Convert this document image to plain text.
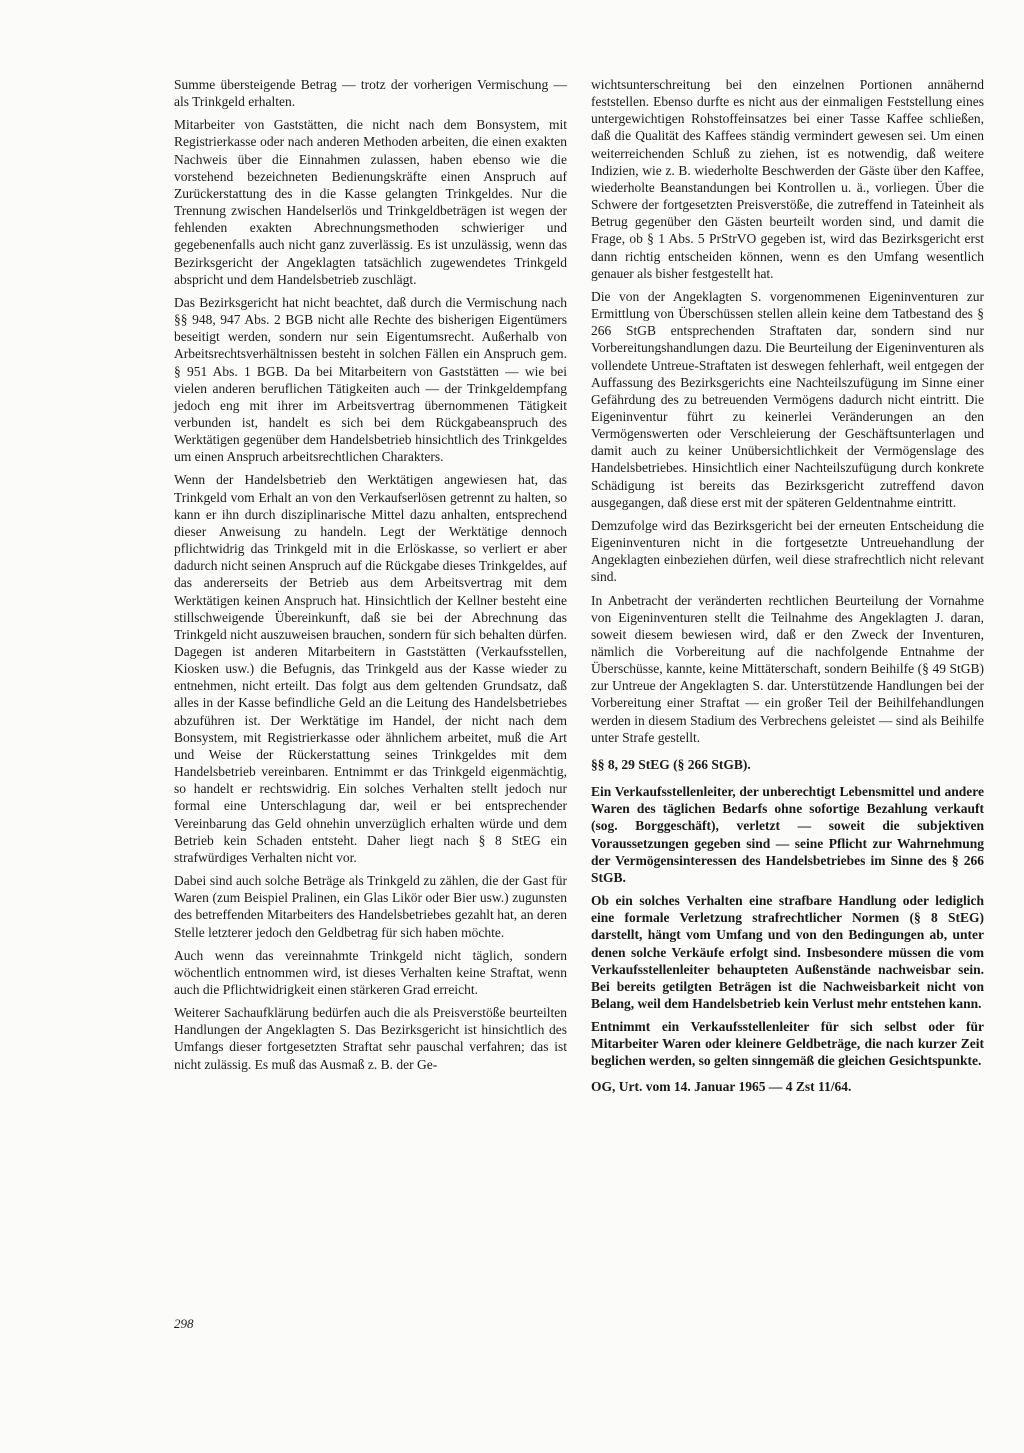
Summe übersteigende Betrag — trotz der vorherigen Vermischung — als Trinkgeld erhalten.

Mitarbeiter von Gaststätten, die nicht nach dem Bonsystem, mit Registrierkasse oder nach anderen Methoden arbeiten, die einen exakten Nachweis über die Einnahmen zulassen, haben ebenso wie die vorstehend bezeichneten Bedienungskräfte einen Anspruch auf Zurückerstattung des in die Kasse gelangten Trinkgeldes. Nur die Trennung zwischen Handelserlös und Trinkgeldbeträgen ist wegen der fehlenden exakten Abrechnungsmethoden schwieriger und gegebenenfalls auch nicht ganz zuverlässig. Es ist unzulässig, wenn das Bezirksgericht der Angeklagten tatsächlich zugewendetes Trinkgeld abspricht und dem Handelsbetrieb zuschlägt.

Das Bezirksgericht hat nicht beachtet, daß durch die Vermischung nach §§ 948, 947 Abs. 2 BGB nicht alle Rechte des bisherigen Eigentümers beseitigt werden, sondern nur sein Eigentumsrecht. Außerhalb von Arbeitsrechtsverhältnissen besteht in solchen Fällen ein Anspruch gem. § 951 Abs. 1 BGB. Da bei Mitarbeitern von Gaststätten — wie bei vielen anderen beruflichen Tätigkeiten auch — der Trinkgeldempfang jedoch eng mit ihrer im Arbeitsvertrag übernommenen Tätigkeit verbunden ist, handelt es sich bei dem Rückgabeanspruch des Werktätigen gegenüber dem Handelsbetrieb hinsichtlich des Trinkgeldes um einen Anspruch arbeitsrechtlichen Charakters.

Wenn der Handelsbetrieb den Werktätigen angewiesen hat, das Trinkgeld vom Erhalt an von den Verkaufserlösen getrennt zu halten, so kann er ihn durch disziplinarische Mittel dazu anhalten, entsprechend dieser Anweisung zu handeln. Legt der Werktätige dennoch pflichtwidrig das Trinkgeld mit in die Erlöskasse, so verliert er aber dadurch nicht seinen Anspruch auf die Rückgabe dieses Trinkgeldes, auf das andererseits der Betrieb aus dem Arbeitsvertrag mit dem Werktätigen keinen Anspruch hat. Hinsichtlich der Kellner besteht eine stillschweigende Übereinkunft, daß sie bei der Abrechnung das Trinkgeld nicht auszuweisen brauchen, sondern für sich behalten dürfen. Dagegen ist anderen Mitarbeitern in Gaststätten (Verkaufsstellen, Kiosken usw.) die Befugnis, das Trinkgeld aus der Kasse wieder zu entnehmen, nicht erteilt. Das folgt aus dem geltenden Grundsatz, daß alles in der Kasse befindliche Geld an die Leitung des Handelsbetriebes abzuführen ist. Der Werktätige im Handel, der nicht nach dem Bonsystem, mit Registrierkasse oder ähnlichem arbeitet, muß die Art und Weise der Rückerstattung seines Trinkgeldes mit dem Handelsbetrieb vereinbaren. Entnimmt er das Trinkgeld eigenmächtig, so handelt er rechtswidrig. Ein solches Verhalten stellt jedoch nur formal eine Unterschlagung dar, weil er bei entsprechender Vereinbarung das Geld ohnehin unverzüglich erhalten würde und dem Betrieb kein Schaden entsteht. Daher liegt nach § 8 StEG ein strafwürdiges Verhalten nicht vor.

Dabei sind auch solche Beträge als Trinkgeld zu zählen, die der Gast für Waren (zum Beispiel Pralinen, ein Glas Likör oder Bier usw.) zugunsten des betreffenden Mitarbeiters des Handelsbetriebes gezahlt hat, an deren Stelle letzterer jedoch den Geldbetrag für sich haben möchte.

Auch wenn das vereinnahmte Trinkgeld nicht täglich, sondern wöchentlich entnommen wird, ist dieses Verhalten keine Straftat, wenn auch die Pflichtwidrigkeit einen stärkeren Grad erreicht.

Weiterer Sachaufklärung bedürfen auch die als Preisverstöße beurteilten Handlungen der Angeklagten S. Das Bezirksgericht ist hinsichtlich des Umfangs dieser fortgesetzten Straftat sehr pauschal verfahren; das ist nicht zulässig. Es muß das Ausmaß z. B. der Ge-

wichtsunterschreitung bei den einzelnen Portionen annähernd feststellen. Ebenso durfte es nicht aus der einmaligen Feststellung eines untergewichtigen Rohstoffeinsatzes bei einer Tasse Kaffee schließen, daß die Qualität des Kaffees ständig vermindert gewesen sei. Um einen weiterreichenden Schluß zu ziehen, ist es notwendig, daß weitere Indizien, wie z. B. wiederholte Beschwerden der Gäste über den Kaffee, wiederholte Beanstandungen bei Kontrollen u. ä., vorliegen. Über die Schwere der fortgesetzten Preisverstöße, die zutreffend in Tateinheit als Betrug gegenüber den Gästen beurteilt worden sind, und damit die Frage, ob § 1 Abs. 5 PrStrVO gegeben ist, wird das Bezirksgericht erst dann richtig entscheiden können, wenn es den Umfang wesentlich genauer als bisher festgestellt hat.

Die von der Angeklagten S. vorgenommenen Eigeninventuren zur Ermittlung von Überschüssen stellen allein keine dem Tatbestand des § 266 StGB entsprechenden Straftaten dar, sondern sind nur Vorbereitungshandlungen dazu. Die Beurteilung der Eigeninventuren als vollendete Untreue-Straftaten ist deswegen fehlerhaft, weil entgegen der Auffassung des Bezirksgerichts eine Nachteilszufügung im Sinne einer Gefährdung des zu betreuenden Vermögens dadurch nicht eintritt. Die Eigeninventur führt zu keinerlei Veränderungen an den Vermögenswerten oder Verschleierung der Geschäftsunterlagen und damit auch zu keiner Unübersichtlichkeit der Vermögenslage des Handelsbetriebes. Hinsichtlich einer Nachteilszufügung durch konkrete Schädigung ist bereits das Bezirksgericht zutreffend davon ausgegangen, daß diese erst mit der späteren Geldentnahme eintritt.

Demzufolge wird das Bezirksgericht bei der erneuten Entscheidung die Eigeninventuren nicht in die fortgesetzte Untreuehandlung der Angeklagten einbeziehen dürfen, weil diese strafrechtlich nicht relevant sind.

In Anbetracht der veränderten rechtlichen Beurteilung der Vornahme von Eigeninventuren stellt die Teilnahme des Angeklagten J. daran, soweit diesem bewiesen wird, daß er den Zweck der Inventuren, nämlich die Vorbereitung auf die nachfolgende Entnahme der Überschüsse, kannte, keine Mittäterschaft, sondern Beihilfe (§ 49 StGB) zur Untreue der Angeklagten S. dar. Unterstützende Handlungen bei der Vorbereitung einer Straftat — ein großer Teil der Beihilfehandlungen werden in diesem Stadium des Verbrechens geleistet — sind als Beihilfe unter Strafe gestellt.

§§ 8, 29 StEG (§ 266 StGB).

Ein Verkaufsstellenleiter, der unberechtigt Lebensmittel und andere Waren des täglichen Bedarfs ohne sofortige Bezahlung verkauft (sog. Borggeschäft), verletzt — soweit die subjektiven Voraussetzungen gegeben sind — seine Pflicht zur Wahrnehmung der Vermögensinteressen des Handelsbetriebes im Sinne des § 266 StGB.

Ob ein solches Verhalten eine strafbare Handlung oder lediglich eine formale Verletzung strafrechtlicher Normen (§ 8 StEG) darstellt, hängt vom Umfang und von den Bedingungen ab, unter denen solche Verkäufe erfolgt sind. Insbesondere müssen die vom Verkaufsstellenleiter behaupteten Außenstände nachweisbar sein. Bei bereits getilgten Beträgen ist die Nachweisbarkeit nicht von Belang, weil dem Handelsbetrieb kein Verlust mehr entstehen kann.

Entnimmt ein Verkaufsstellenleiter für sich selbst oder für Mitarbeiter Waren oder kleinere Geldbeträge, die nach kurzer Zeit beglichen werden, so gelten sinngemäß die gleichen Gesichtspunkte.

OG, Urt. vom 14. Januar 1965 — 4 Zst 11/64.

298
